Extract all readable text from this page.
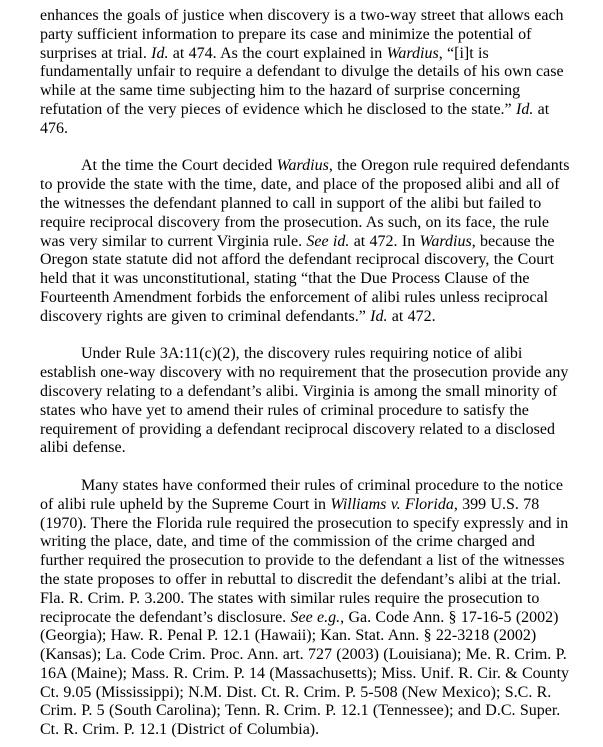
enhances the goals of justice when discovery is a two-way street that allows each party sufficient information to prepare its case and minimize the potential of surprises at trial. Id. at 474. As the court explained in Wardius, “[i]t is fundamentally unfair to require a defendant to divulge the details of his own case while at the same time subjecting him to the hazard of surprise concerning refutation of the very pieces of evidence which he disclosed to the state.” Id. at 476.

At the time the Court decided Wardius, the Oregon rule required defendants to provide the state with the time, date, and place of the proposed alibi and all of the witnesses the defendant planned to call in support of the alibi but failed to require reciprocal discovery from the prosecution. As such, on its face, the rule was very similar to current Virginia rule. See id. at 472. In Wardius, because the Oregon state statute did not afford the defendant reciprocal discovery, the Court held that it was unconstitutional, stating “that the Due Process Clause of the Fourteenth Amendment forbids the enforcement of alibi rules unless reciprocal discovery rights are given to criminal defendants.” Id. at 472.

Under Rule 3A:11(c)(2), the discovery rules requiring notice of alibi establish one-way discovery with no requirement that the prosecution provide any discovery relating to a defendant’s alibi. Virginia is among the small minority of states who have yet to amend their rules of criminal procedure to satisfy the requirement of providing a defendant reciprocal discovery related to a disclosed alibi defense.

Many states have conformed their rules of criminal procedure to the notice of alibi rule upheld by the Supreme Court in Williams v. Florida, 399 U.S. 78 (1970). There the Florida rule required the prosecution to specify expressly and in writing the place, date, and time of the commission of the crime charged and further required the prosecution to provide to the defendant a list of the witnesses the state proposes to offer in rebuttal to discredit the defendant’s alibi at the trial. Fla. R. Crim. P. 3.200. The states with similar rules require the prosecution to reciprocate the defendant’s disclosure. See e.g., Ga. Code Ann. § 17-16-5 (2002) (Georgia); Haw. R. Penal P. 12.1 (Hawaii); Kan. Stat. Ann. § 22-3218 (2002) (Kansas); La. Code Crim. Proc. Ann. art. 727 (2003) (Louisiana); Me. R. Crim. P. 16A (Maine); Mass. R. Crim. P. 14 (Massachusetts); Miss. Unif. R. Cir. & County Ct. 9.05 (Mississippi); N.M. Dist. Ct. R. Crim. P. 5-508 (New Mexico); S.C. R. Crim. P. 5 (South Carolina); Tenn. R. Crim. P. 12.1 (Tennessee); and D.C. Super. Ct. R. Crim. P. 12.1 (District of Columbia).
